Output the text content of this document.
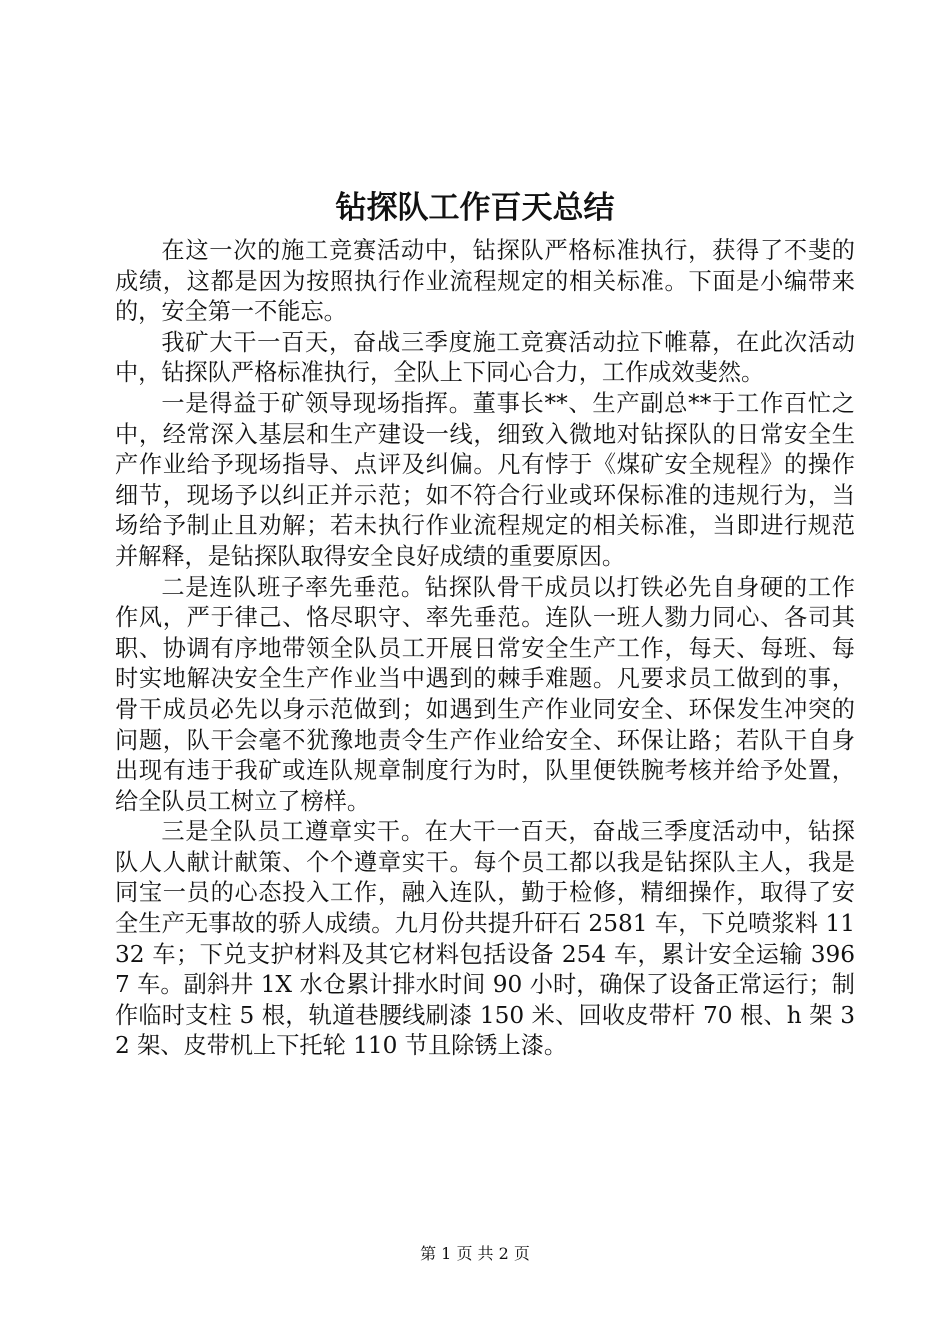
钻探队工作百天总结

在这一次的施工竞赛活动中，钻探队严格标准执行，获得了不斐的成绩，这都是因为按照执行作业流程规定的相关标准。下面是小编带来的，安全第一不能忘。

我矿大干一百天，奋战三季度施工竞赛活动拉下帷幕，在此次活动中，钻探队严格标准执行，全队上下同心合力，工作成效斐然。

一是得益于矿领导现场指挥。董事长**、生产副总**于工作百忙之中，经常深入基层和生产建设一线，细致入微地对钻探队的日常安全生产作业给予现场指导、点评及纠偏。凡有悖于《煤矿安全规程》的操作细节，现场予以纠正并示范；如不符合行业或环保标准的违规行为，当场给予制止且劝解；若未执行作业流程规定的相关标准，当即进行规范并解释，是钻探队取得安全良好成绩的重要原因。

二是连队班子率先垂范。钻探队骨干成员以打铁必先自身硬的工作作风，严于律己、恪尽职守、率先垂范。连队一班人勠力同心、各司其职、协调有序地带领全队员工开展日常安全生产工作，每天、每班、每时实地解决安全生产作业当中遇到的棘手难题。凡要求员工做到的事，骨干成员必先以身示范做到；如遇到生产作业同安全、环保发生冲突的问题，队干会毫不犹豫地责令生产作业给安全、环保让路；若队干自身出现有违于我矿或连队规章制度行为时，队里便铁腕考核并给予处置，给全队员工树立了榜样。

三是全队员工遵章实干。在大干一百天，奋战三季度活动中，钻探队人人献计献策、个个遵章实干。每个员工都以我是钻探队主人，我是同宝一员的心态投入工作，融入连队，勤于检修，精细操作，取得了安全生产无事故的骄人成绩。九月份共提升矸石 2581 车，下兑喷浆料 1132 车；下兑支护材料及其它材料包括设备 254 车，累计安全运输 3967 车。副斜井 1X 水仓累计排水时间 90 小时，确保了设备正常运行；制作临时支柱 5 根，轨道巷腰线刷漆 150 米、回收皮带杆 70 根、h 架 32 架、皮带机上下托轮 110 节且除锈上漆。

第 1 页 共 2 页
